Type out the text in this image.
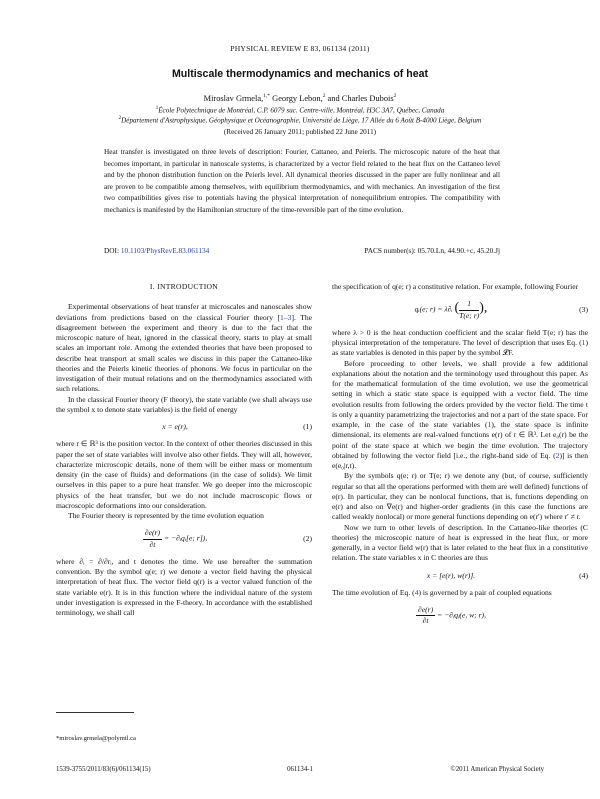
PHYSICAL REVIEW E 83, 061134 (2011)
Multiscale thermodynamics and mechanics of heat
Miroslav Grmela,$^{1,*}$ Georgy Lebon,$^2$ and Charles Dubois$^2$
$^1$École Polytechnique de Montréal, C.P. 6079 suc. Centre-ville, Montréal, H3C 3A7, Québec, Canada
$^2$Département d'Astrophysique, Géophysique et Océanographie, Université de Liège, 17 Allée du 6 Août B-4000 Liège, Belgium
(Received 26 January 2011; published 22 June 2011)
Heat transfer is investigated on three levels of description: Fourier, Cattaneo, and Peierls. The microscopic nature of the heat that becomes important, in particular in nanoscale systems, is characterized by a vector field related to the heat flux on the Cattaneo level and by the phonon distribution function on the Peierls level. All dynamical theories discussed in the paper are fully nonlinear and all are proven to be compatible among themselves, with equilibrium thermodynamics, and with mechanics. An investigation of the first two compatibilities gives rise to potentials having the physical interpretation of nonequilibrium entropies. The compatibility with mechanics is manifested by the Hamiltonian structure of the time-reversible part of the time evolution.
DOI: 10.1103/PhysRevE.83.061134	PACS number(s): 05.70.Ln, 44.90.+c, 45.20.Jj

I. INTRODUCTION

Experimental observations of heat transfer at microscales and nanoscales show deviations from predictions based on the classical Fourier theory [1–3]. The disagreement between the experiment and theory is due to the fact that the microscopic nature of heat, ignored in the classical theory, starts to play at small scales an important role. Among the extended theories that have been proposed to describe heat transport at small scales we discuss in this paper the Cattaneo-like theories and the Peierls kinetic theories of phonons. We focus in particular on the investigation of their mutual relations and on the thermodynamics associated with such relations.

In the classical Fourier theory (F theory), the state variable (we shall always use the symbol x to denote state variables) is the field of energy

x = e(r),	(1)

where r ∈ ℝ³ is the position vector. In the context of other theories discussed in this paper the set of state variables will involve also other fields. They will all, however, characterize microscopic details, none of them will be either mass or momentum density (in the case of fluids) and deformations (in the case of solids). We limit ourselves in this paper to a pure heat transfer. We go deeper into the microscopic physics of the heat transfer, but we do not include macroscopic flows or macroscopic deformations into our consideration.

The Fourier theory is represented by the time evolution equation

$\frac{\partial e(r)}{\partial t}$ = −∂ᵢqᵢ[e; r]),	(2)

where ∂ᵢ = ∂/∂rᵢ, and t denotes the time. We use hereafter the summation convention. By the symbol q(e; r) we denote a vector field having the physical interpretation of heat flux. The vector field q(r) is a vector valued function of the state variable e(r). It is in this function where the individual nature of the system under investigation is expressed in the F-theory. In accordance with the established terminology, we shall call

the specification of q(e; r) a constitutive relation. For example, following Fourier

qᵢ(e; r) = λ∂ᵢ ( $\frac{1}{T(e; r)}$ ),	(3)

where λ > 0 is the heat conduction coefficient and the scalar field T(e; r) has the physical interpretation of the temperature. The level of description that uses Eq. (1) as state variables is denoted in this paper by the symbol 𝓛F.

Before proceeding to other levels, we shall provide a few additional explanations about the notation and the terminology used throughout this paper. As for the mathematical formulation of the time evolution, we use the geometrical setting in which a static state space is equipped with a vector field. The time evolution results from following the orders provided by the vector field. The time t is only a quantity parametrizing the trajectories and not a part of the state space. For example, in the case of the state variables (1), the state space is infinite dimensional, its elements are real-valued functions e(r) of r ∈ ℝ³. Let e₀(r) be the point of the state space at which we begin the time evolution. The trajectory obtained by following the vector field [i.e., the right-hand side of Eq. (2)] is then e(e₀|r,t).

By the symbols q(e; r) or T(e; r) we denote any (but, of course, sufficiently regular so that all the operations performed with them are well defined) functions of e(r). In particular, they can be nonlocal functions, that is, functions depending on e(r) and also on ∇e(r) and higher-order gradients (in this case the functions are called weakly nonlocal) or more general functions depending on e(r′) where r′ ≠ r.

Now we turn to other levels of description. In the Cattaneo-like theories (C theories) the microscopic nature of heat is expressed in the heat flux, or more generally, in a vector field w(r) that is later related to the heat flux in a constitutive relation. The state variables x in C theories are thus

x = [e(r), w(r)].	(4)

The time evolution of Eq. (4) is governed by a pair of coupled equations

$\frac{\partial e(r)}{\partial t}$ = −∂ⱼqⱼ(e, w; r),

*miroslav.grmela@polymtl.ca
1539-3755/2011/83(6)/061134(15)	061134-1	©2011 American Physical Society
